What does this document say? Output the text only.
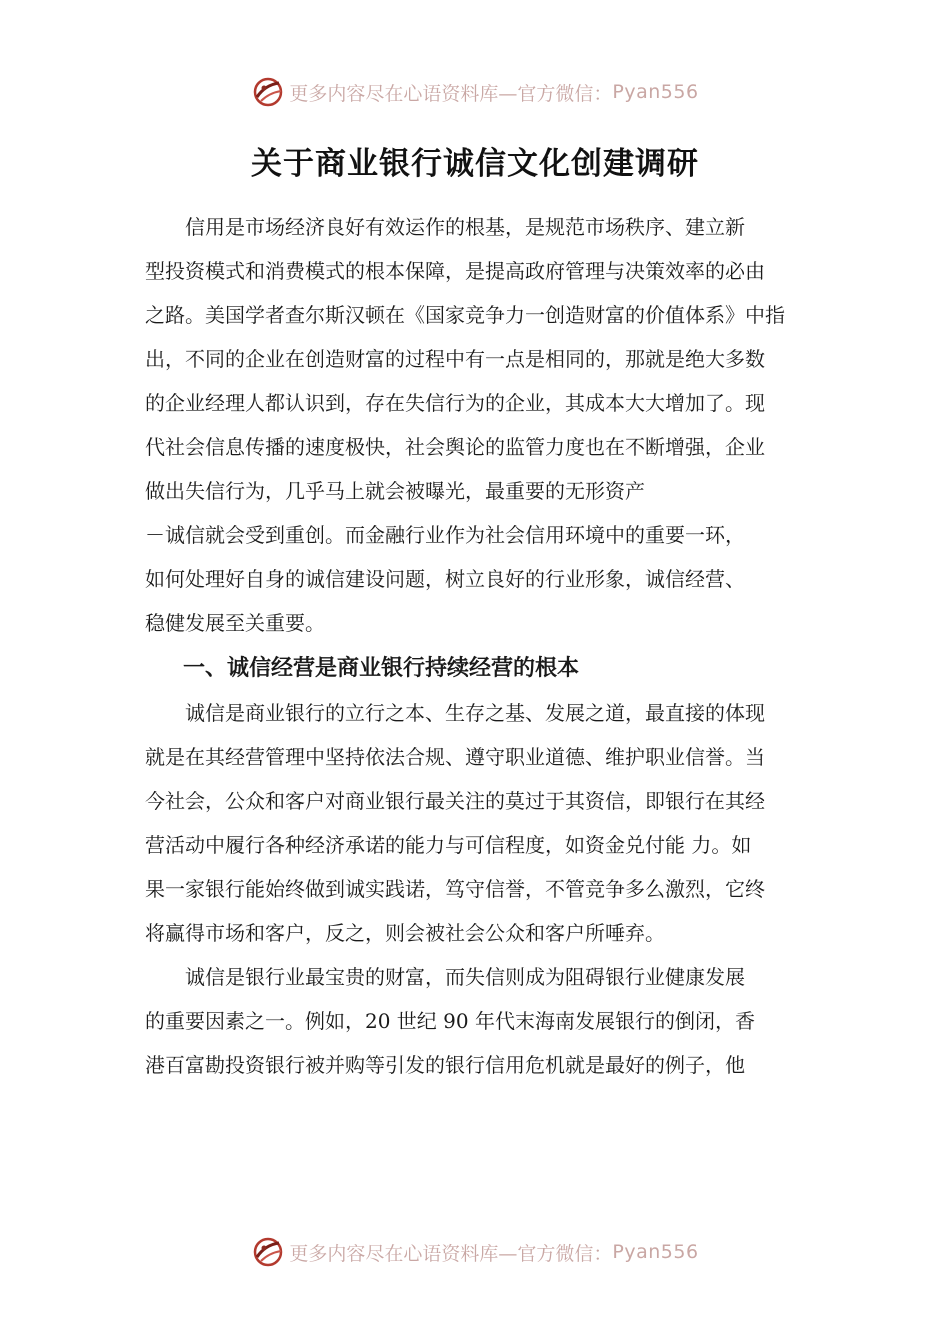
更多内容尽在心语资料库—官方微信： Pyan556
关于商业银行诚信文化创建调研

信用是市场经济良好有效运作的根基，是规范市场秩序、建立新
型投资模式和消费模式的根本保障，是提高政府管理与决策效率的必由
之路。美国学者查尔斯汉顿在《国家竞争力一创造财富的价值体系》中指
出，不同的企业在创造财富的过程中有一点是相同的，那就是绝大多数
的企业经理人都认识到，存在失信行为的企业，其成本大大增加了。现
代社会信息传播的速度极快，社会舆论的监管力度也在不断增强，企业
做出失信行为，几乎马上就会被曝光，最重要的无形资产
－诚信就会受到重创。而金融行业作为社会信用环境中的重要一环，
如何处理好自身的诚信建设问题，树立良好的行业形象，诚信经营、
稳健发展至关重要。

一、诚信经营是商业银行持续经营的根本

诚信是商业银行的立行之本、生存之基、发展之道，最直接的体现
就是在其经营管理中坚持依法合规、遵守职业道德、维护职业信誉。当
今社会，公众和客户对商业银行最关注的莫过于其资信，即银行在其经
营活动中履行各种经济承诺的能力与可信程度，如资金兑付能 力。如
果一家银行能始终做到诚实践诺，笃守信誉，不管竞争多么激烈，它终
将赢得市场和客户，反之，则会被社会公众和客户所唾弃。

诚信是银行业最宝贵的财富，而失信则成为阻碍银行业健康发展
的重要因素之一。例如，20 世纪 90 年代末海南发展银行的倒闭，香
港百富勘投资银行被并购等引发的银行信用危机就是最好的例子，他

更多内容尽在心语资料库—官方微信： Pyan556
